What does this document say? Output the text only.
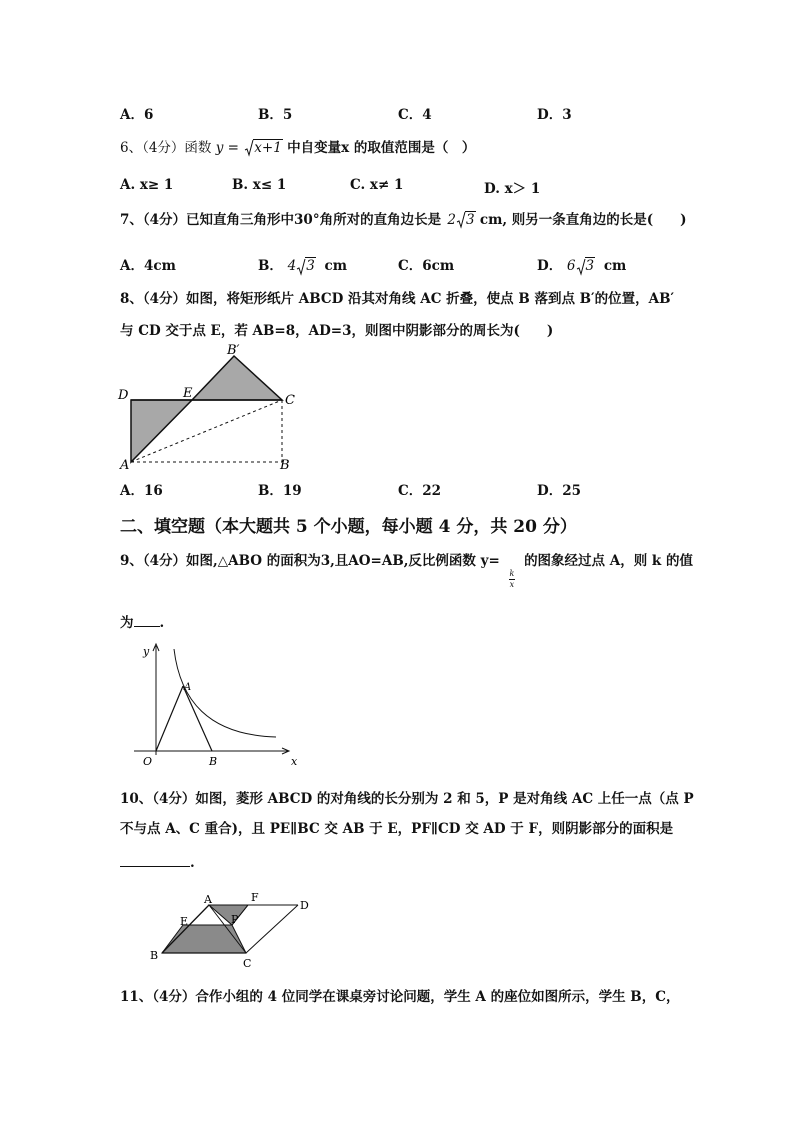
A．6	B．5	C．4	D．3
6、（4分）函数 y = x+1 中自变量x 的取值范围是（　）
A. x≥ 1	B. x≤ 1	C. x≠ 1	D. x＞ 1
7、（4分）已知直角三角形中30°角所对的直角边长是 2 3 cm, 则另一条直角边的长是(　　)
A．4cm	B． 4 3 cm	C．6cm	D． 6 3 cm
8、（4分）如图，将矩形纸片 ABCD 沿其对角线 AC 折叠，使点 B 落到点 B′的位置，AB′
与 CD 交于点 E，若 AB=8，AD=3，则图中阴影部分的周长为(　　)
D	E	C
B′
A	B
A．16	B．19	C．22	D．25
二、填空题（本大题共 5 个小题，每小题 4 分，共 20 分）
9、（4分）如图,△ABO 的面积为3,且AO=AB,反比例函数 y=
$\frac{k}{x}$
的图象经过点 A，则 k 的值
为 .
x
y
O
A
B
10、（4分）如图，菱形 ABCD 的对角线的长分别为 2 和 5，P 是对角线 AC 上任一点（点 P
不与点 A、C 重合)，且 PE∥BC 交 AB 于 E，PF∥CD 交 AD 于 F，则阴影部分的面积是
.
A	F
D
E	P
B
C
11、（4分）合作小组的 4 位同学在课桌旁讨论问题，学生 A 的座位如图所示，学生 B，C，
